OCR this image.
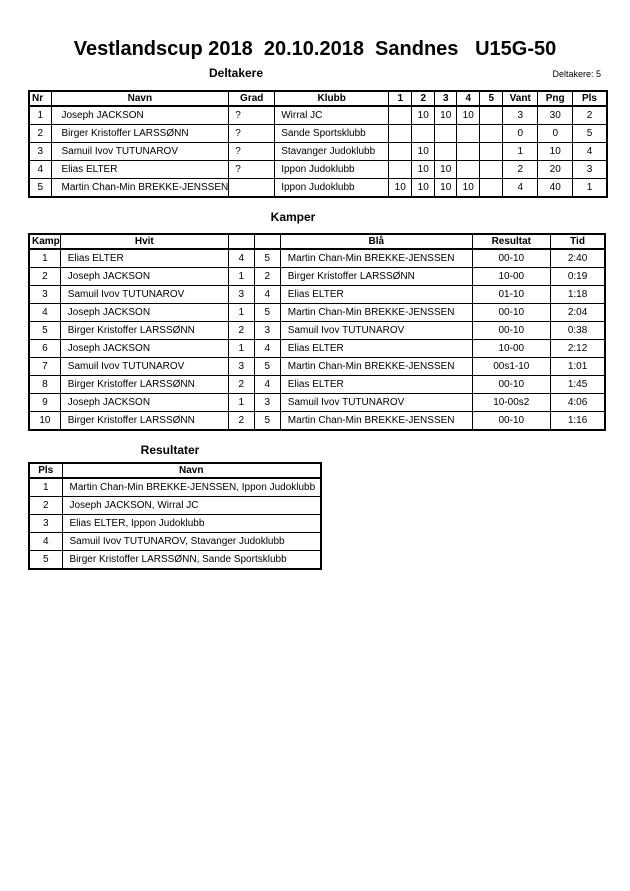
Vestlandscup 2018  20.10.2018  Sandnes   U15G-50
Deltakere	Deltakere: 5
Nr	Navn	Grad	Klubb	1	2	3	4	5	Vant	Png	Pls
1	Joseph JACKSON	?	Wirral JC		10	10	10		3	30	2
2	Birger Kristoffer LARSSØNN	?	Sande Sportsklubb						0	0	5
3	Samuil Ivov TUTUNAROV	?	Stavanger Judoklubb		10				1	10	4
4	Elias ELTER	?	Ippon Judoklubb		10	10			2	20	3
5	Martin Chan-Min BREKKE-JENSSEN		Ippon Judoklubb	10	10	10	10		4	40	1
Kamper
Kamp	Hvit			Blå	Resultat	Tid
1	Elias ELTER	4	5	Martin Chan-Min BREKKE-JENSSEN	00-10	2:40
2	Joseph JACKSON	1	2	Birger Kristoffer LARSSØNN	10-00	0:19
3	Samuil Ivov TUTUNAROV	3	4	Elias ELTER	01-10	1:18
4	Joseph JACKSON	1	5	Martin Chan-Min BREKKE-JENSSEN	00-10	2:04
5	Birger Kristoffer LARSSØNN	2	3	Samuil Ivov TUTUNAROV	00-10	0:38
6	Joseph JACKSON	1	4	Elias ELTER	10-00	2:12
7	Samuil Ivov TUTUNAROV	3	5	Martin Chan-Min BREKKE-JENSSEN	00s1-10	1:01
8	Birger Kristoffer LARSSØNN	2	4	Elias ELTER	00-10	1:45
9	Joseph JACKSON	1	3	Samuil Ivov TUTUNAROV	10-00s2	4:06
10	Birger Kristoffer LARSSØNN	2	5	Martin Chan-Min BREKKE-JENSSEN	00-10	1:16
Resultater
Pls	Navn
1	Martin Chan-Min BREKKE-JENSSEN, Ippon Judoklubb
2	Joseph JACKSON, Wirral JC
3	Elias ELTER, Ippon Judoklubb
4	Samuil Ivov TUTUNAROV, Stavanger Judoklubb
5	Birger Kristoffer LARSSØNN, Sande Sportsklubb
